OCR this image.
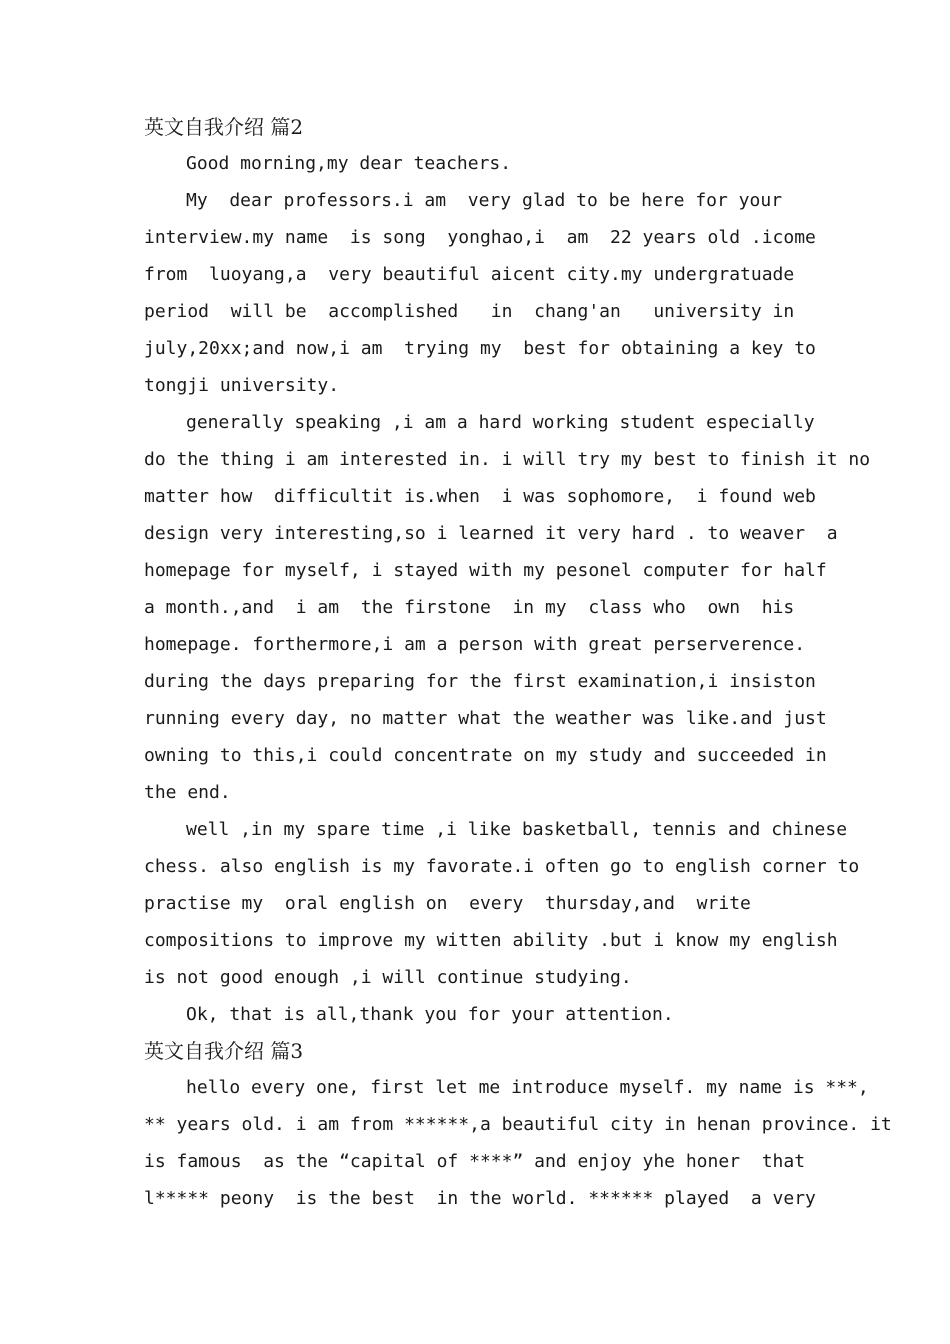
英文自我介绍 篇2
Good morning,my dear teachers.
My  dear professors.i am  very glad to be here for your
interview.my name  is song  yonghao,i  am  22 years old .icome
from  luoyang,a  very beautiful aicent city.my undergratuade
period  will be  accomplished   in  chang'an   university in
july,20xx;and now,i am  trying my  best for obtaining a key to
tongji university.
generally speaking ,i am a hard working student especially
do the thing i am interested in. i will try my best to finish it no
matter how  difficultit is.when  i was sophomore,  i found web
design very interesting,so i learned it very hard . to weaver  a
homepage for myself, i stayed with my pesonel computer for half
a month.,and  i am  the firstone  in my  class who  own  his
homepage. forthermore,i am a person with great perserverence.
during the days preparing for the first examination,i insiston
running every day, no matter what the weather was like.and just
owning to this,i could concentrate on my study and succeeded in
the end.
well ,in my spare time ,i like basketball, tennis and chinese
chess. also english is my favorate.i often go to english corner to
practise my  oral english on  every  thursday,and  write
compositions to improve my witten ability .but i know my english
is not good enough ,i will continue studying.
Ok, that is all,thank you for your attention.
英文自我介绍 篇3
hello every one, first let me introduce myself. my name is ***,
** years old. i am from ******,a beautiful city in henan province. it
is famous  as the “capital of ****” and enjoy yhe honer  that
l***** peony  is the best  in the world. ****** played  a very
